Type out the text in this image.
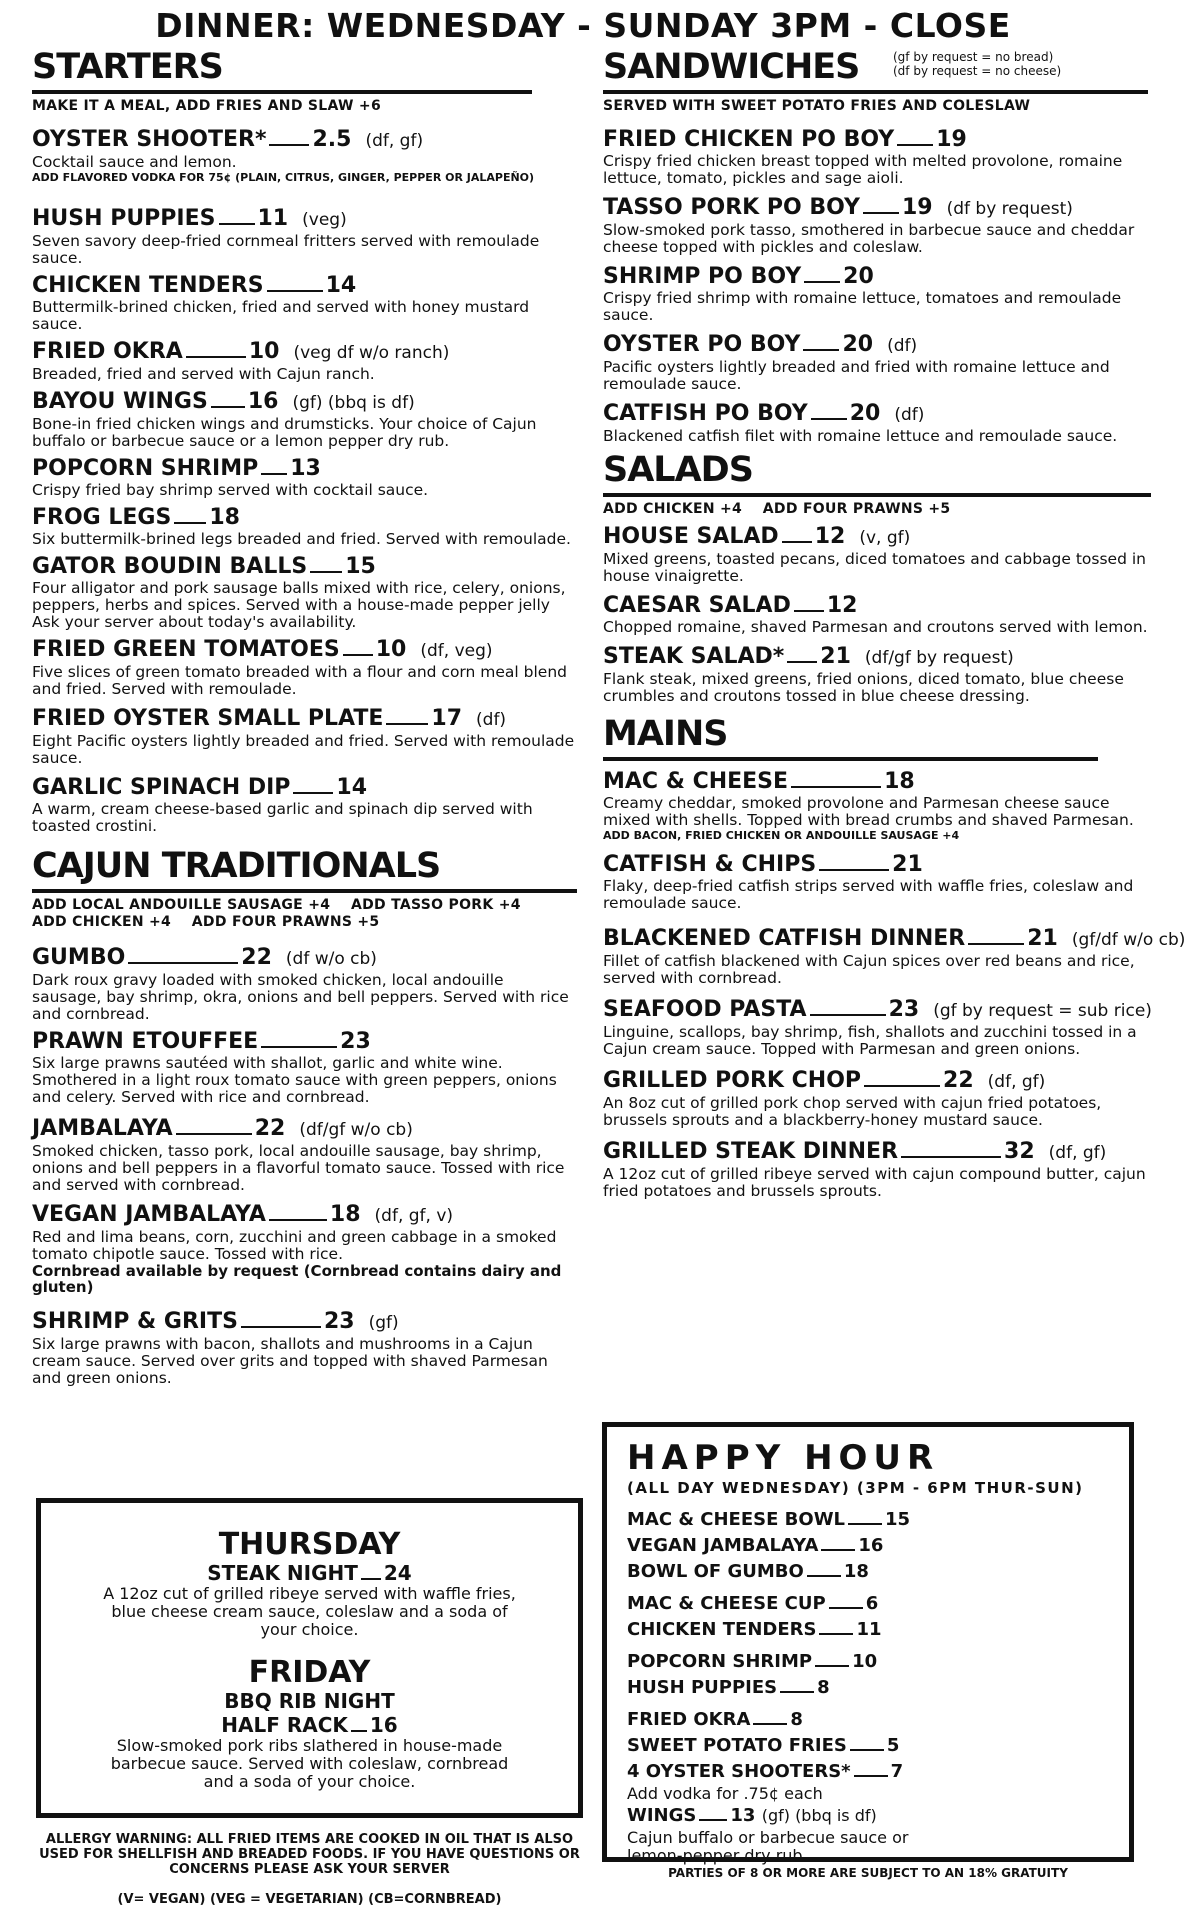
DINNER: WEDNESDAY - SUNDAY 3PM - CLOSE
STARTERS
MAKE IT A MEAL, ADD FRIES AND SLAW +6
OYSTER SHOOTER* 2.5 (df, gf)
Cocktail sauce and lemon.
ADD FLAVORED VODKA FOR 75¢ (PLAIN, CITRUS, GINGER, PEPPER OR JALAPEÑO)
HUSH PUPPIES 11 (veg)
Seven savory deep-fried cornmeal fritters served with remoulade sauce.
CHICKEN TENDERS	14
Buttermilk-brined chicken, fried and served with honey mustard sauce.
FRIED OKRA	10 (veg df w/o ranch)
Breaded, fried and served with Cajun ranch.
BAYOU WINGS 16 (gf) (bbq is df)
Bone-in fried chicken wings and drumsticks. Your choice of Cajun buffalo or barbecue sauce or a lemon pepper dry rub.
POPCORN SHRIMP 13
Crispy fried bay shrimp served with cocktail sauce.
FROG LEGS 18
Six buttermilk-brined legs breaded and fried. Served with remoulade.
GATOR BOUDIN BALLS 15
Four alligator and pork sausage balls mixed with rice, celery, onions, peppers, herbs and spices. Served with a house-made pepper jelly
Ask your server about today's availability.
FRIED GREEN TOMATOES 10 (df, veg)
Five slices of green tomato breaded with a flour and corn meal blend and fried. Served with remoulade.
FRIED OYSTER SMALL PLATE 17 (df)
Eight Pacific oysters lightly breaded and fried. Served with remoulade sauce.
GARLIC SPINACH DIP 14
A warm, cream cheese-based garlic and spinach dip served with toasted crostini.
CAJUN TRADITIONALS
ADD LOCAL ANDOUILLE SAUSAGE +4    ADD TASSO PORK +4
ADD CHICKEN +4    ADD FOUR PRAWNS +5
GUMBO	22 (df w/o cb)
Dark roux gravy loaded with smoked chicken, local andouille sausage, bay shrimp, okra, onions and bell peppers. Served with rice and cornbread.
PRAWN ETOUFFEE	23
Six large prawns sautéed with shallot, garlic and white wine. Smothered in a light roux tomato sauce with green peppers, onions and celery. Served with rice and cornbread.
JAMBALAYA	22 (df/gf w/o cb)
Smoked chicken, tasso pork, local andouille sausage, bay shrimp, onions and bell peppers in a flavorful tomato sauce. Tossed with rice and served with cornbread.
VEGAN JAMBALAYA	18 (df, gf, v)
Red and lima beans, corn, zucchini and green cabbage in a smoked tomato chipotle sauce. Tossed with rice.
Cornbread available by request (Cornbread contains dairy and gluten)
SHRIMP & GRITS	23 (gf)
Six large prawns with bacon, shallots and mushrooms in a Cajun cream sauce. Served over grits and topped with shaved Parmesan and green onions.
THURSDAY
STEAK NIGHT 24
A 12oz cut of grilled ribeye served with waffle fries, blue cheese cream sauce, coleslaw and a soda of your choice.
FRIDAY
BBQ RIB NIGHT
HALF RACK 16
Slow-smoked pork ribs slathered in house-made barbecue sauce. Served with coleslaw, cornbread and a soda of your choice.
ALLERGY WARNING: ALL FRIED ITEMS ARE COOKED IN OIL THAT IS ALSO USED FOR SHELLFISH AND BREADED FOODS. IF YOU HAVE QUESTIONS OR CONCERNS PLEASE ASK YOUR SERVER
(V= VEGAN) (VEG = VEGETARIAN) (CB=CORNBREAD)
SANDWICHES	(gf by request = no bread)
(df by request = no cheese)
SERVED WITH SWEET POTATO FRIES AND COLESLAW
FRIED CHICKEN PO BOY 19
Crispy fried chicken breast topped with melted provolone, romaine lettuce, tomato, pickles and sage aioli.
TASSO PORK PO BOY 19 (df by request)
Slow-smoked pork tasso, smothered in barbecue sauce and cheddar cheese topped with pickles and coleslaw.
SHRIMP PO BOY 20
Crispy fried shrimp with romaine lettuce, tomatoes and remoulade sauce.
OYSTER PO BOY 20 (df)
Pacific oysters lightly breaded and fried with romaine lettuce and remoulade sauce.
CATFISH PO BOY 20 (df)
Blackened catfish filet with romaine lettuce and remoulade sauce.
SALADS
ADD CHICKEN +4    ADD FOUR PRAWNS +5
HOUSE SALAD 12 (v, gf)
Mixed greens, toasted pecans, diced tomatoes and cabbage tossed in house vinaigrette.
CAESAR SALAD 12
Chopped romaine, shaved Parmesan and croutons served with lemon.
STEAK SALAD* 21 (df/gf by request)
Flank steak, mixed greens, fried onions, diced tomato, blue cheese crumbles and croutons tossed in blue cheese dressing.
MAINS
MAC & CHEESE	18
Creamy cheddar, smoked provolone and Parmesan cheese sauce mixed with shells. Topped with bread crumbs and shaved Parmesan.
ADD BACON, FRIED CHICKEN OR ANDOUILLE SAUSAGE +4
CATFISH & CHIPS	21
Flaky, deep-fried catfish strips served with waffle fries, coleslaw and remoulade sauce.
BLACKENED CATFISH DINNER	21 (gf/df w/o cb)
Fillet of catfish blackened with Cajun spices over red beans and rice, served with cornbread.
SEAFOOD PASTA	23 (gf by request = sub rice)
Linguine, scallops, bay shrimp, fish, shallots and zucchini tossed in a Cajun cream sauce. Topped with Parmesan and green onions.
GRILLED PORK CHOP	22 (df, gf)
An 8oz cut of grilled pork chop served with cajun fried potatoes, brussels sprouts and a blackberry-honey mustard sauce.
GRILLED STEAK DINNER	32 (df, gf)
A 12oz cut of grilled ribeye served with cajun compound butter, cajun fried potatoes and brussels sprouts.
HAPPY HOUR
(ALL DAY WEDNESDAY) (3PM - 6PM THUR-SUN)
MAC & CHEESE BOWL 15
VEGAN JAMBALAYA 16
BOWL OF GUMBO 18
MAC & CHEESE CUP 6
CHICKEN TENDERS 11
POPCORN SHRIMP 10
HUSH PUPPIES 8
FRIED OKRA 8
SWEET POTATO FRIES 5
4 OYSTER SHOOTERS* 7
Add vodka for .75¢ each
WINGS 13 (gf) (bbq is df)
Cajun buffalo or barbecue sauce or lemon-pepper dry rub
PARTIES OF 8 OR MORE ARE SUBJECT TO AN 18% GRATUITY
